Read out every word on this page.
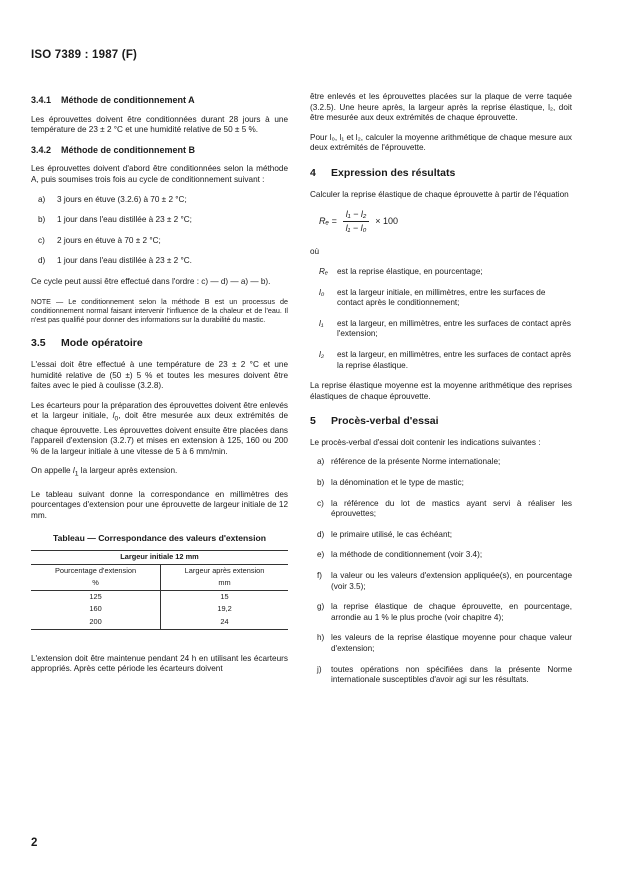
ISO 7389 : 1987 (F)
3.4.1 Méthode de conditionnement A

Les éprouvettes doivent être conditionnées durant 28 jours à une température de 23 ± 2 °C et une humidité relative de 50 ± 5 %.

3.4.2 Méthode de conditionnement B

Les éprouvettes doivent d'abord être conditionnées selon la méthode A, puis soumises trois fois au cycle de conditionnement suivant :

a)	3 jours en étuve (3.2.6) à 70 ± 2 °C;
b)	1 jour dans l'eau distillée à 23 ± 2 °C;
c)	2 jours en étuve à 70 ± 2 °C;
d)	1 jour dans l'eau distillée à 23 ± 2 °C.

Ce cycle peut aussi être effectué dans l'ordre : c) — d) — a) — b).

NOTE — Le conditionnement selon la méthode B est un processus de conditionnement normal faisant intervenir l'influence de la chaleur et de l'eau. Il n'est pas qualifié pour donner des informations sur la durabilité du mastic.
3.5 Mode opératoire

L'essai doit être effectué à une température de 23 ± 2 °C et une humidité relative de (50 ±) 5 % et toutes les mesures doivent être faites avec le pied à coulisse (3.2.8).

Les écarteurs pour la préparation des éprouvettes doivent être enlevés et la largeur initiale, $l_0$, doit être mesurée aux deux extrémités de chaque éprouvette. Les éprouvettes doivent ensuite être placées dans l'appareil d'extension (3.2.7) et mises en extension à 125, 160 ou 200 % de la largeur initiale à une vitesse de 5 à 6 mm/min.

On appelle $l_1$ la largeur après extension.

Le tableau suivant donne la correspondance en millimètres des pourcentages d'extension pour une éprouvette de largeur initiale de 12 mm.

Tableau — Correspondance des valeurs d'extension
Largeur initiale 12 mm	
Pourcentage d'extension	Largeur après extension
%	mm
125	15
160	19,2
200	24

L'extension doit être maintenue pendant 24 h en utilisant les écarteurs appropriés. Après cette période les écarteurs doivent

être enlevés et les éprouvettes placées sur la plaque de verre taquée (3.2.5). Une heure après, la largeur après la reprise élastique, l₂, doit être mesurée aux deux extrémités de chaque éprouvette.

Pour l₀, l₁ et l₂, calculer la moyenne arithmétique de chaque mesure aux deux extrémités de l'éprouvette.

4 Expression des résultats

Calculer la reprise élastique de chaque éprouvette à partir de l'équation

$R_e = \frac{\text{l₁ − l₂}}{\text{l₁ − l₀}} \times 100$

où

Rₑ	est la reprise élastique, en pourcentage;
l₀	est la largeur initiale, en millimètres, entre les surfaces de contact après le conditionnement;
l₁	est la largeur, en millimètres, entre les surfaces de contact après l'extension;
l₂	est la largeur, en millimètres, entre les surfaces de contact après la reprise élastique.

La reprise élastique moyenne est la moyenne arithmétique des reprises élastiques de chaque éprouvette.

5 Procès-verbal d'essai

Le procès-verbal d'essai doit contenir les indications suivantes :

a) référence de la présente Norme internationale;
b) la dénomination et le type de mastic;
c) la référence du lot de mastics ayant servi à réaliser les éprouvettes;
d) le primaire utilisé, le cas échéant;
e) la méthode de conditionnement (voir 3.4);
f)	la valeur ou les valeurs d'extension appliquée(s), en pourcentage (voir 3.5);
g) la reprise élastique de chaque éprouvette, en pourcentage, arrondie au 1 % le plus proche (voir chapitre 4);
h) les valeurs de la reprise élastique moyenne pour chaque valeur d'extension;
j)	toutes opérations non spécifiées dans la présente Norme internationale susceptibles d'avoir agi sur les résultats.
2
